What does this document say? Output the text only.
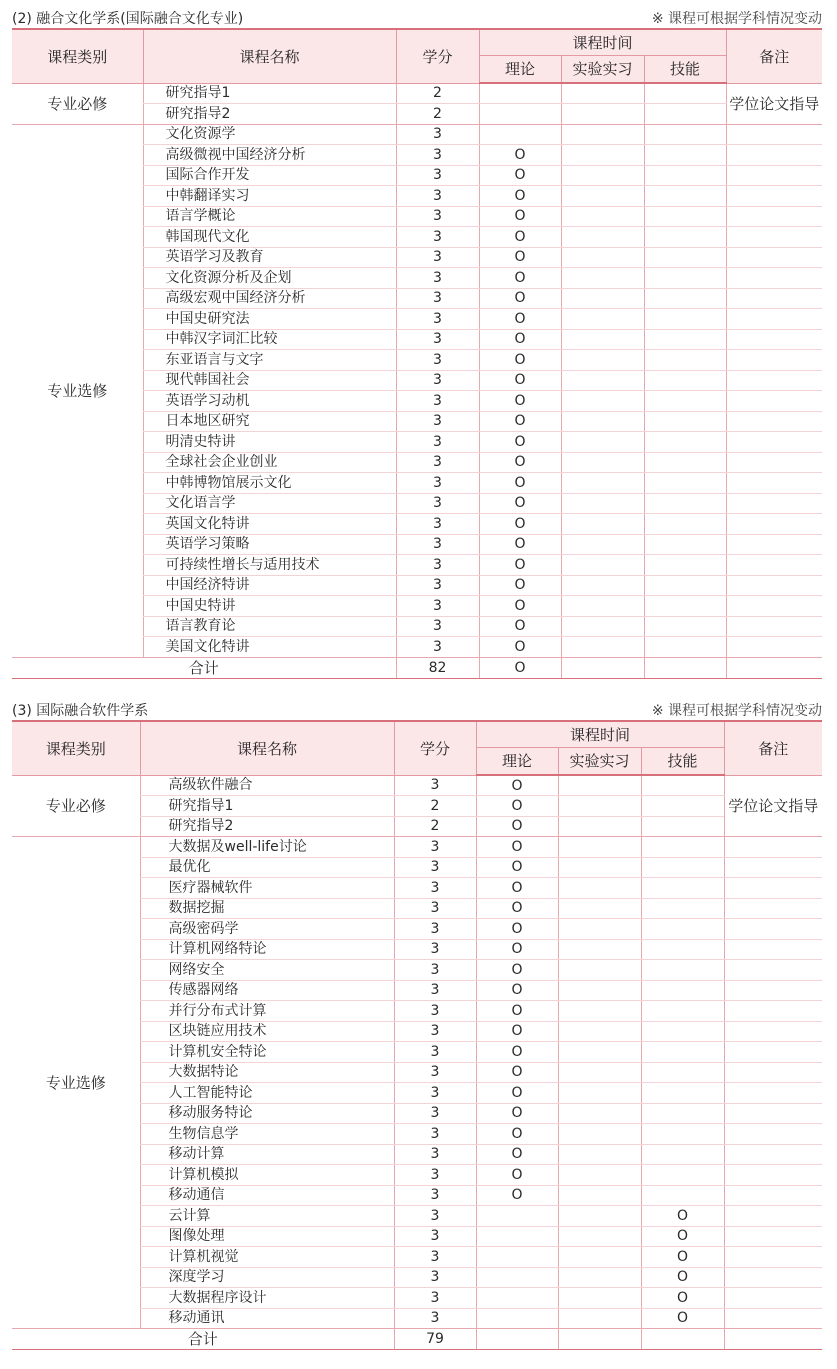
(2) 融合文化学系(国际融合文化专业)	※ 课程可根据学科情况变动
课程类别	课程名称	学分	课程时间			备注
			理论	实验实习	技能	
专业必修	研究指导1	2				学位论文指导
	研究指导2	2				
专业选修	文化资源学	3				
	高级微视中国经济分析	3	O			
	国际合作开发	3	O			
	中韩翻译实习	3	O			
	语言学概论	3	O			
	韩国现代文化	3	O			
	英语学习及教育	3	O			
	文化资源分析及企划	3	O			
	高级宏观中国经济分析	3	O			
	中国史研究法	3	O			
	中韩汉字词汇比较	3	O			
	东亚语言与文字	3	O			
	现代韩国社会	3	O			
	英语学习动机	3	O			
	日本地区研究	3	O			
	明清史特讲	3	O			
	全球社会企业创业	3	O			
	中韩博物馆展示文化	3	O			
	文化语言学	3	O			
	英国文化特讲	3	O			
	英语学习策略	3	O			
	可持续性增长与适用技术	3	O			
	中国经济特讲	3	O			
	中国史特讲	3	O			
	语言教育论	3	O			
	美国文化特讲	3	O			
合计		82	O			
(3) 国际融合软件学系	※ 课程可根据学科情况变动
课程类别	课程名称	学分	课程时间			备注
			理论	实验实习	技能	
专业必修	高级软件融合	3	O			学位论文指导
	研究指导1	2	O			
	研究指导2	2	O			
专业选修	大数据及well-life讨论	3	O			
	最优化	3	O			
	医疗器械软件	3	O			
	数据挖掘	3	O			
	高级密码学	3	O			
	计算机网络特论	3	O			
	网络安全	3	O			
	传感器网络	3	O			
	并行分布式计算	3	O			
	区块链应用技术	3	O			
	计算机安全特论	3	O			
	大数据特论	3	O			
	人工智能特论	3	O			
	移动服务特论	3	O			
	生物信息学	3	O			
	移动计算	3	O			
	计算机模拟	3	O			
	移动通信	3	O			
	云计算	3			O	
	图像处理	3			O	
	计算机视觉	3			O	
	深度学习	3			O	
	大数据程序设计	3			O	
	移动通讯	3			O	
合计		79				
